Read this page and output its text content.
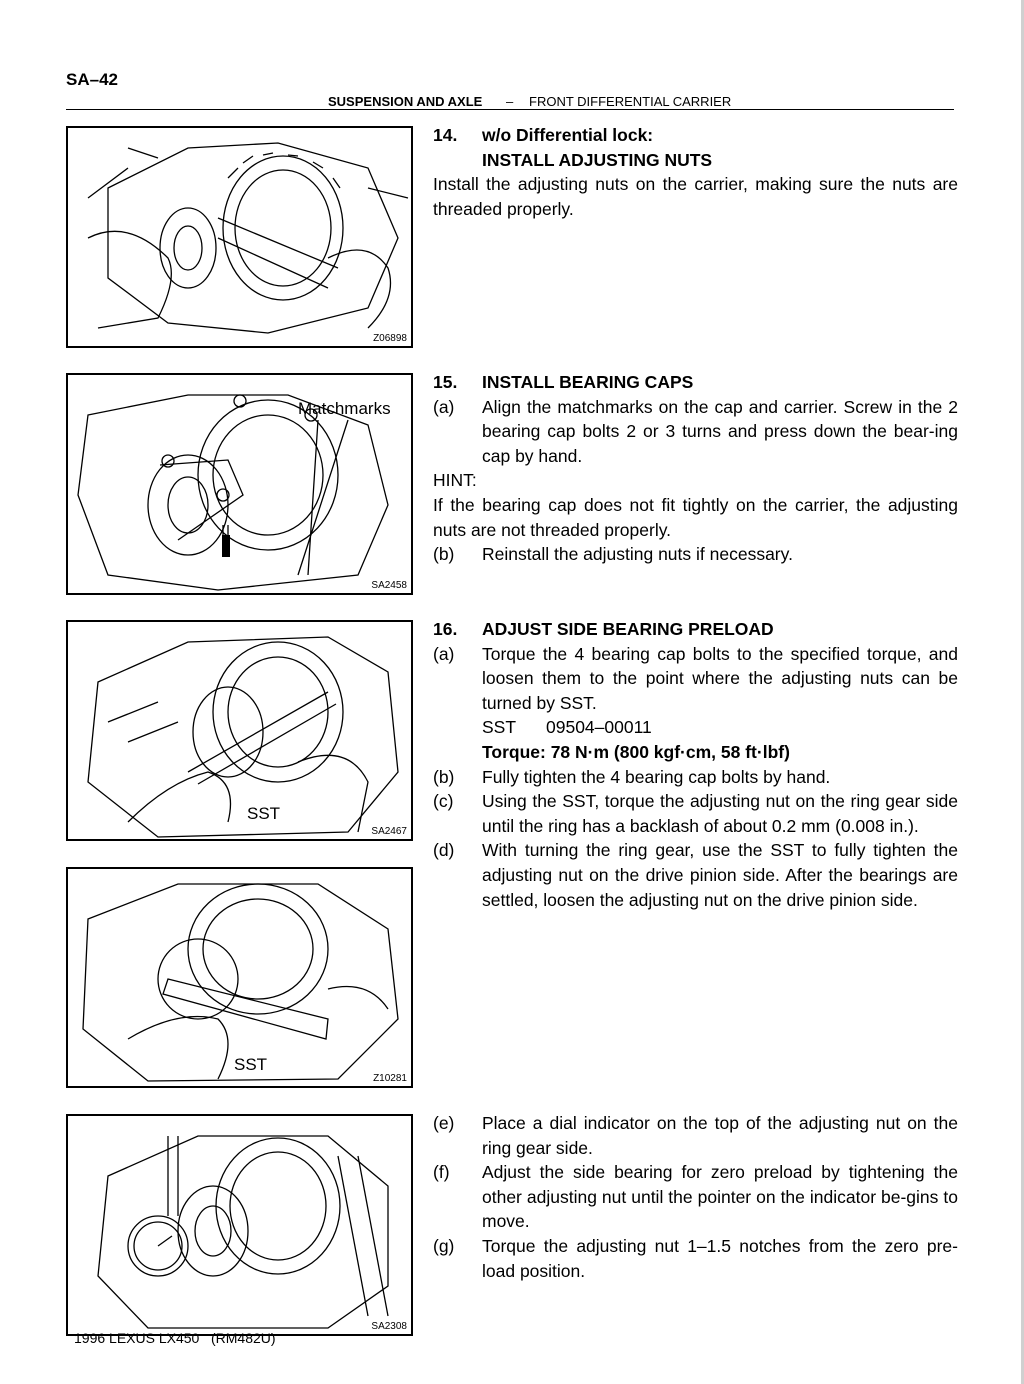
SA–42
SUSPENSION AND AXLE – FRONT DIFFERENTIAL CARRIER
Z06898
Matchmarks
SA2458
SST
SA2467
SST
Z10281
SA2308
14.	w/o Differential lock:
INSTALL ADJUSTING NUTS
Install the adjusting nuts on the carrier, making sure the nuts are threaded properly.
15.	INSTALL BEARING CAPS
(a)	Align the matchmarks on the cap and carrier. Screw in the 2 bearing cap bolts 2 or 3 turns and press down the bear-ing cap by hand.
HINT:
If the bearing cap does not fit tightly on the carrier, the adjusting nuts are not threaded properly.
(b)	Reinstall the adjusting nuts if necessary.
16.	ADJUST SIDE BEARING PRELOAD
(a)	Torque the 4 bearing cap bolts to the specified torque, and loosen them to the point where the adjusting nuts can be turned by SST.
SST	09504–00011
Torque: 78 N·m (800 kgf·cm, 58 ft·lbf)
(b)	Fully tighten the 4 bearing cap bolts by hand.
(c)	Using the SST, torque the adjusting nut on the ring gear side until the ring has a backlash of about 0.2 mm (0.008 in.).
(d)	With turning the ring gear, use the SST to fully tighten the adjusting nut on the drive pinion side. After the bearings are settled, loosen the adjusting nut on the drive pinion side.
(e)	Place a dial indicator on the top of the adjusting nut on the ring gear side.
(f)	Adjust the side bearing for zero preload by tightening the other adjusting nut until the pointer on the indicator be-gins to move.
(g)	Torque the adjusting nut 1–1.5 notches from the zero pre-load position.
1996 LEXUS LX450 (RM482U)
